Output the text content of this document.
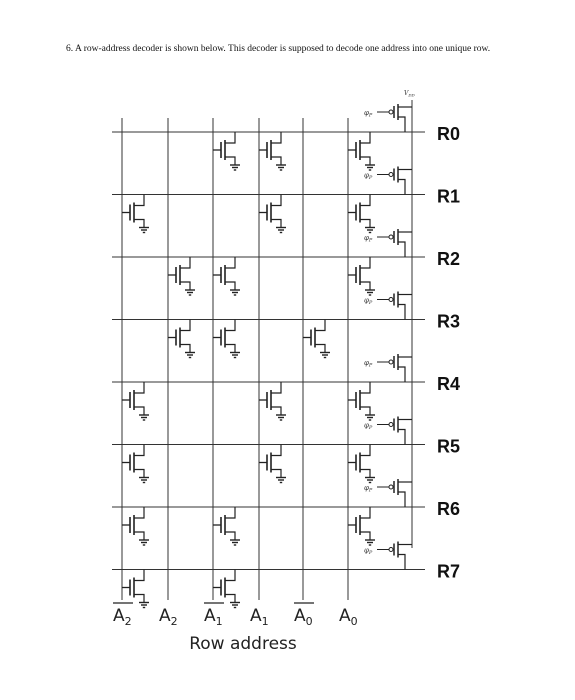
6. A row-address decoder is shown below. This decoder is supposed to decode one address into one unique row.
$\varphi_P$
$\varphi_P$
$\varphi_P$
$\varphi_P$
$\varphi_P$
$\varphi_P$
$\varphi_P$
$\varphi_P$
R0
R1
R2
R3
R4
R5
R6
R7
$A_2$ $A_2$ $A_1$ $A_1$ $A_0$ $A_0$
$V_{DD}$
Row address
